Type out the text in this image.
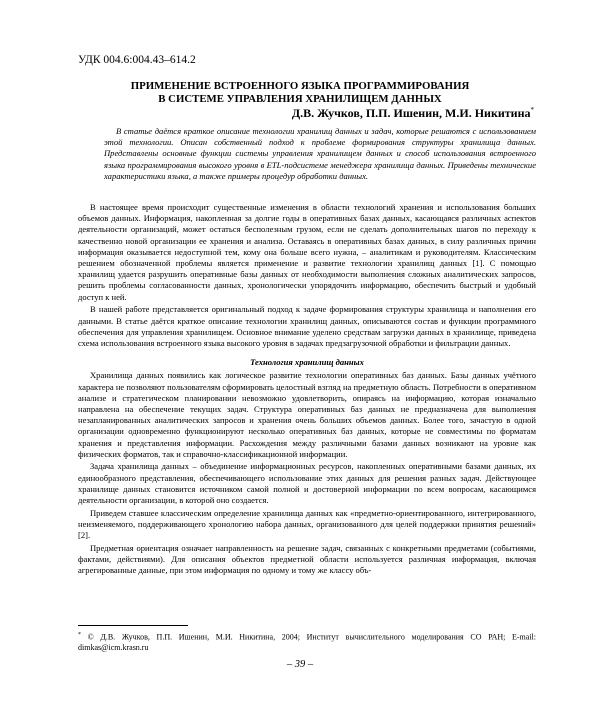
УДК 004.6:004.43–614.2
ПРИМЕНЕНИЕ ВСТРОЕННОГО ЯЗЫКА ПРОГРАММИРОВАНИЯ
В СИСТЕМЕ УПРАВЛЕНИЯ ХРАНИЛИЩЕМ ДАННЫХ
Д.В. Жучков, П.П. Ишенин, М.И. Никитина*

В статье даётся краткое описание технологии хранилищ данных и задач, которые решаются с использованием этой технологии. Описан собственный подход к проблеме формирования структуры хранилища данных. Представлены основные функции системы управления хранилищем данных и способ использования встроенного языка программирования высокого уровня в ETL-подсистеме менеджера хранилища данных. Приведены технические характеристики языка, а также примеры процедур обработки данных.

В настоящее время происходит существенные изменения в области технологий хранения и использования больших объемов данных. Информация, накопленная за долгие годы в оперативных базах данных, касающаяся различных аспектов деятельности организаций, может остаться бесполезным грузом, если не сделать дополнительных шагов по переходу к качественно новой организации ее хранения и анализа. Оставаясь в оперативных базах данных, в силу различных причин информация оказывается недоступной тем, кому она больше всего нужна, – аналитикам и руководителям. Классическим решением обозначенной проблемы является применение и развитие технологии хранилищ данных [1]. С помощью хранилищ удается разрушить оперативные базы данных от необходимости выполнения сложных аналитических запросов, решить проблемы согласованности данных, хронологически упорядочить информацию, обеспечить быстрый и удобный доступ к ней.

В нашей работе представляется оригинальный подход к задаче формирования структуры хранилища и наполнения его данными. В статье даётся краткое описание технологии хранилищ данных, описываются состав и функции программного обеспечения для управления хранилищем. Основное внимание уделено средствам загрузки данных в хранилище, приведена схема использования встроенного языка высокого уровня в задачах предзагрузочной обработки и фильтрации данных.

Технология хранилищ данных

Хранилища данных появились как логическое развитие технологии оперативных баз данных. Базы данных учётного характера не позволяют пользователям сформировать целостный взгляд на предметную область. Потребности в оперативном анализе и стратегическом планировании невозможно удовлетворить, опираясь на информацию, которая изначально направлена на обеспечение текущих задач. Структура оперативных баз данных не предназначена для выполнения незапланированных аналитических запросов и хранения очень больших объемов данных. Более того, зачастую в одной организации одновременно функционируют несколько оперативных баз данных, которые не совместимы по форматам хранения и представления информации. Расхождения между различными базами данных возникают на уровне как физических форматов, так и справочно-классификационной информации.

Задача хранилища данных – объединение информационных ресурсов, накопленных оперативными базами данных, их единообразного представления, обеспечивающего использование этих данных для решения разных задач. Действующее хранилище данных становится источником самой полной и достоверной информации по всем вопросам, касающимся деятельности организации, в которой оно создается.

Приведем ставшее классическим определение хранилища данных как «предметно-ориентированного, интегрированного, неизменяемого, поддерживающего хронологию набора данных, организованного для целей поддержки принятия решений» [2].

Предметная ориентация означает направленность на решение задач, связанных с конкретными предметами (событиями, фактами, действиями). Для описания объектов предметной области используется различная информация, включая агрегированные данные, при этом информация по одному и тому же классу объ-

* © Д.В. Жучков, П.П. Ишенин, М.И. Никитина, 2004; Институт вычислительного моделирования СО РАН; E-mail: dimkas@icm.krasn.ru
– 39 –
